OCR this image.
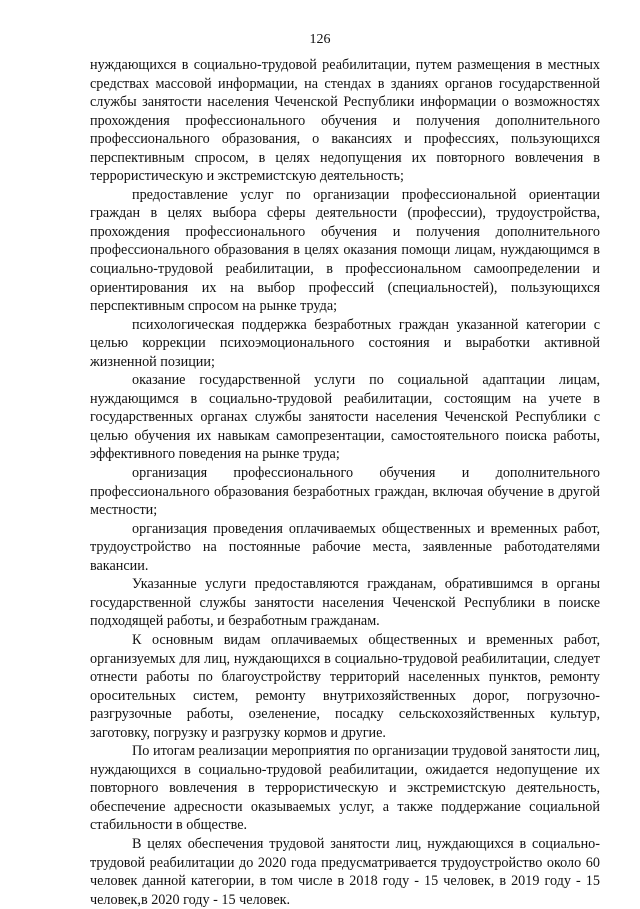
126

нуждающихся в социально-трудовой реабилитации, путем размещения в местных средствах массовой информации, на стендах в зданиях органов государственной службы занятости населения Чеченской Республики информации о возможностях прохождения профессионального обучения и получения дополнительного профессионального образования, о вакансиях и профессиях, пользующихся перспективным спросом, в целях недопущения их повторного вовлечения в террористическую и экстремистскую деятельность;

предоставление услуг по организации профессиональной ориентации граждан в целях выбора сферы деятельности (профессии), трудоустройства, прохождения профессионального обучения и получения дополнительного профессионального образования в целях оказания помощи лицам, нуждающимся в социально-трудовой реабилитации, в профессиональном самоопределении и ориентирования их на выбор профессий (специальностей), пользующихся перспективным спросом на рынке труда;

психологическая поддержка безработных граждан указанной категории с целью коррекции психоэмоционального состояния и выработки активной жизненной позиции;

оказание государственной услуги по социальной адаптации лицам, нуждающимся в социально-трудовой реабилитации, состоящим на учете в государственных органах службы занятости населения Чеченской Республики с целью обучения их навыкам самопрезентации, самостоятельного поиска работы, эффективного поведения на рынке труда;

организация профессионального обучения и дополнительного профессионального образования безработных граждан, включая обучение в другой местности;

организация проведения оплачиваемых общественных и временных работ, трудоустройство на постоянные рабочие места, заявленные работодателями вакансии.

Указанные услуги предоставляются гражданам, обратившимся в органы государственной службы занятости населения Чеченской Республики в поиске подходящей работы, и безработным гражданам.

К основным видам оплачиваемых общественных и временных работ, организуемых для лиц, нуждающихся в социально-трудовой реабилитации, следует отнести работы по благоустройству территорий населенных пунктов, ремонту оросительных систем, ремонту внутрихозяйственных дорог, погрузочно-разгрузочные работы, озеленение, посадку сельскохозяйственных культур, заготовку, погрузку и разгрузку кормов и другие.

По итогам реализации мероприятия по организации трудовой занятости лиц, нуждающихся в социально-трудовой реабилитации, ожидается недопущение их повторного вовлечения в террористическую и экстремистскую деятельность, обеспечение адресности оказываемых услуг, а также поддержание социальной стабильности в обществе.

В целях обеспечения трудовой занятости лиц, нуждающихся в социально-трудовой реабилитации до 2020 года предусматривается трудоустройство около 60 человек данной категории, в том числе в 2018 году - 15 человек, в 2019 году - 15 человек,в 2020 году - 15 человек.
